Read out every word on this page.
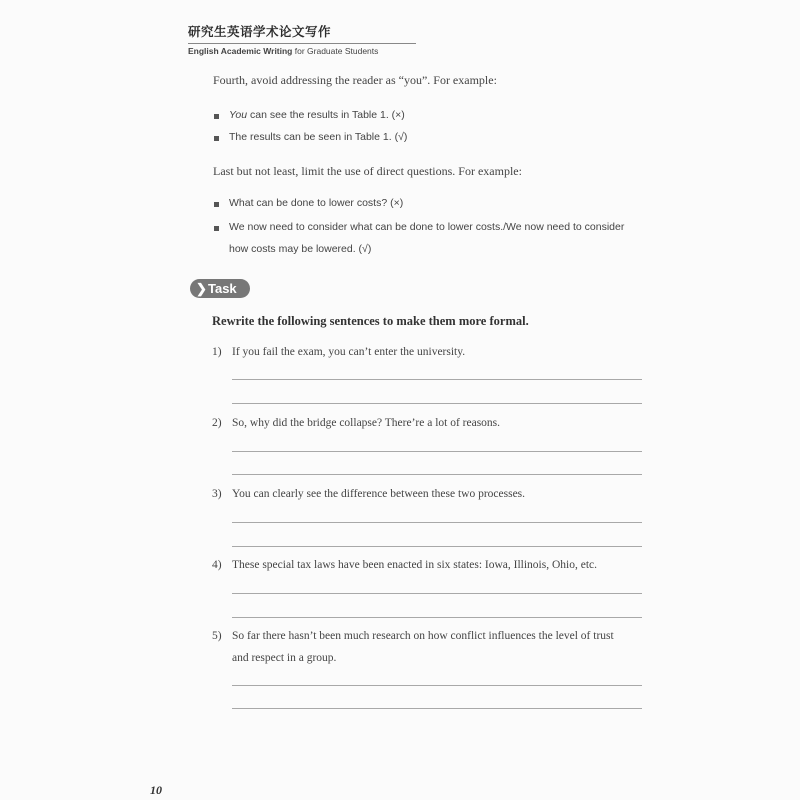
研究生英语学术论文写作
English Academic Writing for Graduate Students
Fourth, avoid addressing the reader as “you”. For example:
You can see the results in Table 1. (×)
The results can be seen in Table 1. (√)
Last but not least, limit the use of direct questions. For example:
What can be done to lower costs? (×)
We now need to consider what can be done to lower costs./We now need to consider
how costs may be lowered. (√)
❯ Task
Rewrite the following sentences to make them more formal.
1) If you fail the exam, you can’t enter the university.
2) So, why did the bridge collapse? There’re a lot of reasons.
3) You can clearly see the difference between these two processes.
4) These special tax laws have been enacted in six states: Iowa, Illinois, Ohio, etc.
5) So far there hasn’t been much research on how conflict influences the level of trust
and respect in a group.
10
